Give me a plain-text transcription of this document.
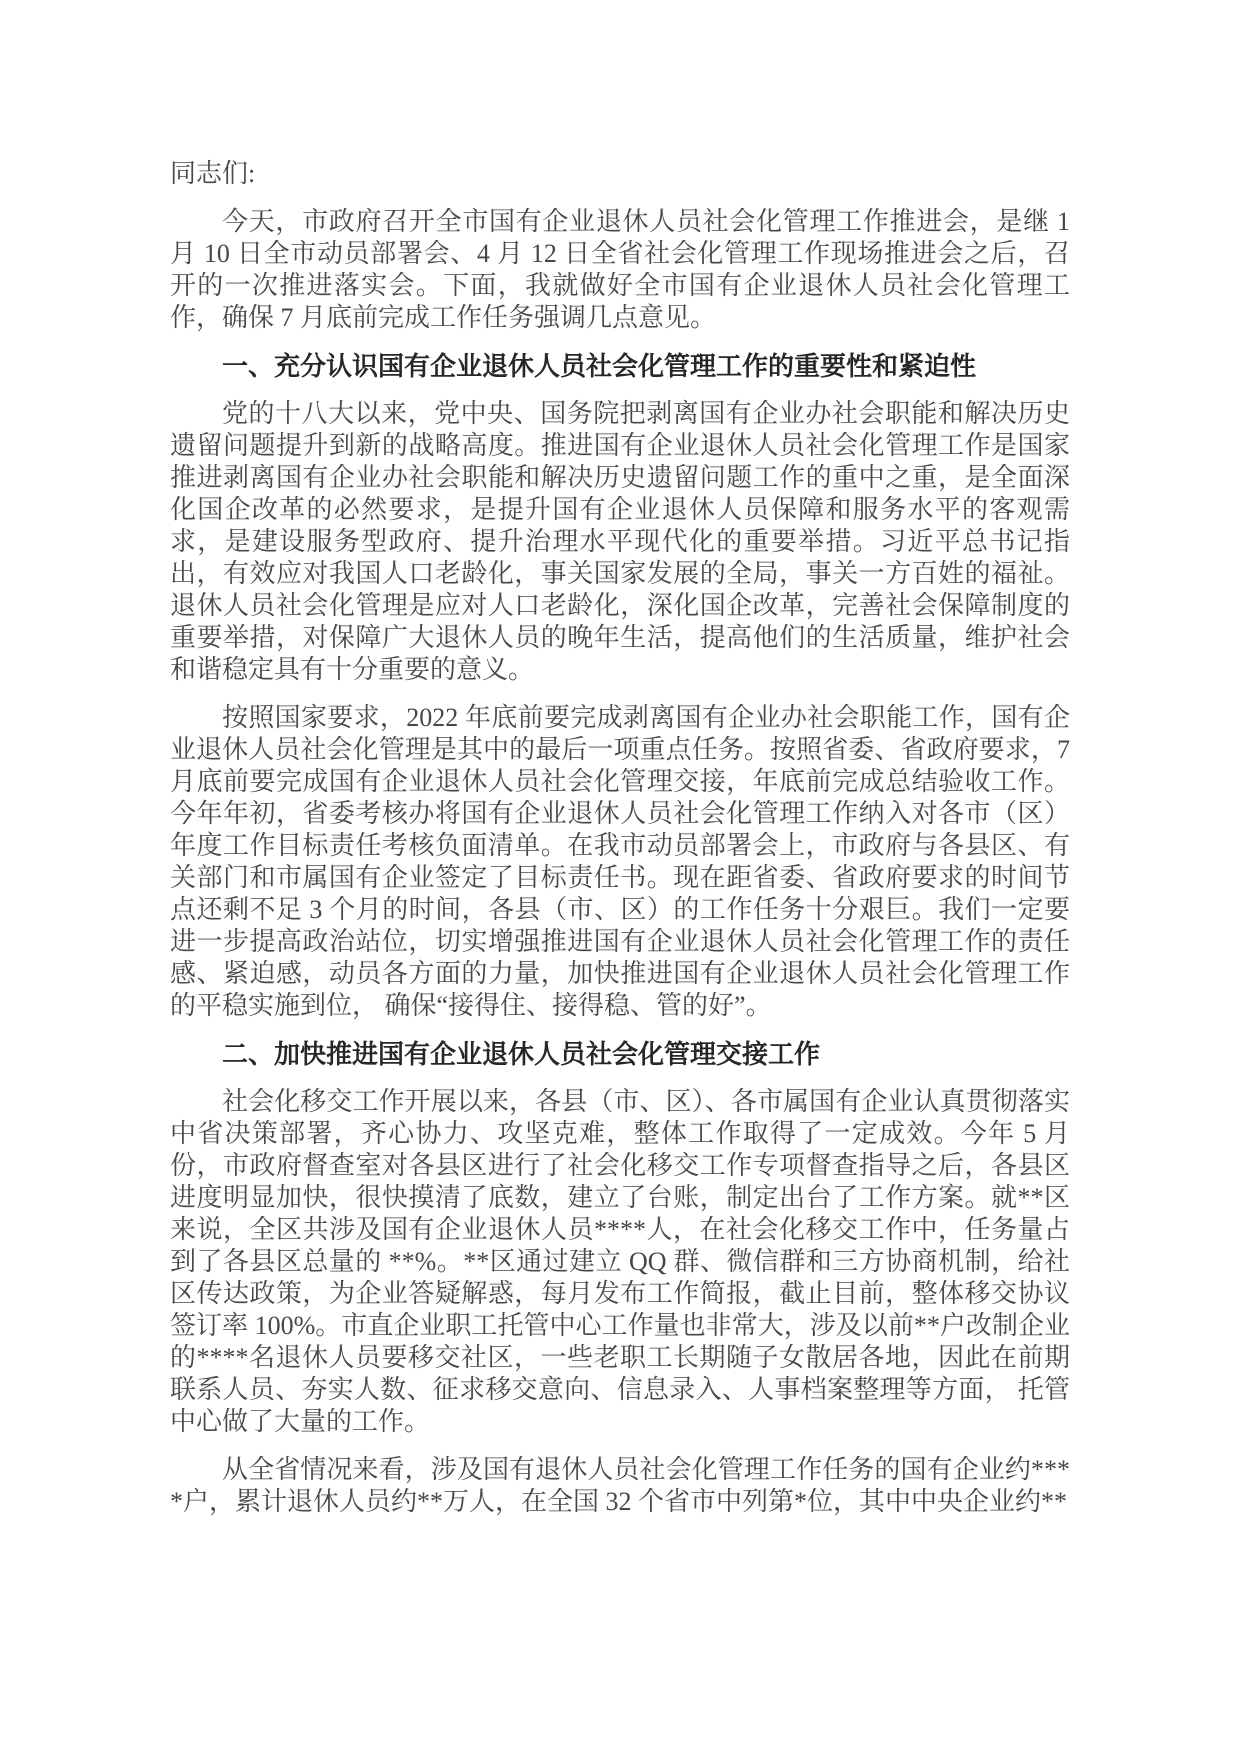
同志们:

今天，市政府召开全市国有企业退休人员社会化管理工作推进会，是继 1 月 10 日全市动员部署会、4 月 12 日全省社会化管理工作现场推进会之后，召开的一次推进落实会。下面，我就做好全市国有企业退休人员社会化管理工作，确保 7 月底前完成工作任务强调几点意见。

一、充分认识国有企业退休人员社会化管理工作的重要性和紧迫性

党的十八大以来，党中央、国务院把剥离国有企业办社会职能和解决历史遗留问题提升到新的战略高度。推进国有企业退休人员社会化管理工作是国家推进剥离国有企业办社会职能和解决历史遗留问题工作的重中之重，是全面深化国企改革的必然要求，是提升国有企业退休人员保障和服务水平的客观需求，是建设服务型政府、提升治理水平现代化的重要举措。习近平总书记指出，有效应对我国人口老龄化，事关国家发展的全局，事关一方百姓的福祉。退休人员社会化管理是应对人口老龄化，深化国企改革，完善社会保障制度的重要举措，对保障广大退休人员的晚年生活，提高他们的生活质量，维护社会和谐稳定具有十分重要的意义。

按照国家要求，2022 年底前要完成剥离国有企业办社会职能工作，国有企业退休人员社会化管理是其中的最后一项重点任务。按照省委、省政府要求，7 月底前要完成国有企业退休人员社会化管理交接，年底前完成总结验收工作。今年年初，省委考核办将国有企业退休人员社会化管理工作纳入对各市（区）年度工作目标责任考核负面清单。在我市动员部署会上，市政府与各县区、有关部门和市属国有企业签定了目标责任书。现在距省委、省政府要求的时间节点还剩不足 3 个月的时间，各县（市、区）的工作任务十分艰巨。我们一定要进一步提高政治站位，切实增强推进国有企业退休人员社会化管理工作的责任感、紧迫感，动员各方面的力量，加快推进国有企业退休人员社会化管理工作的平稳实施到位， 确保“接得住、接得稳、管的好”。

二、加快推进国有企业退休人员社会化管理交接工作

社会化移交工作开展以来，各县（市、区）、各市属国有企业认真贯彻落实中省决策部署，齐心协力、攻坚克难，整体工作取得了一定成效。今年 5 月份，市政府督查室对各县区进行了社会化移交工作专项督查指导之后，各县区进度明显加快，很快摸清了底数，建立了台账，制定出台了工作方案。就**区来说，全区共涉及国有企业退休人员****人，在社会化移交工作中，任务量占到了各县区总量的 **%。**区通过建立 QQ 群、微信群和三方协商机制，给社区传达政策，为企业答疑解惑，每月发布工作简报，截止目前，整体移交协议签订率 100%。市直企业职工托管中心工作量也非常大，涉及以前**户改制企业的****名退休人员要移交社区，一些老职工长期随子女散居各地，因此在前期联系人员、夯实人数、征求移交意向、信息录入、人事档案整理等方面， 托管中心做了大量的工作。

从全省情况来看，涉及国有退休人员社会化管理工作任务的国有企业约****户，累计退休人员约**万人，在全国 32 个省市中列第*位，其中中央企业约**
